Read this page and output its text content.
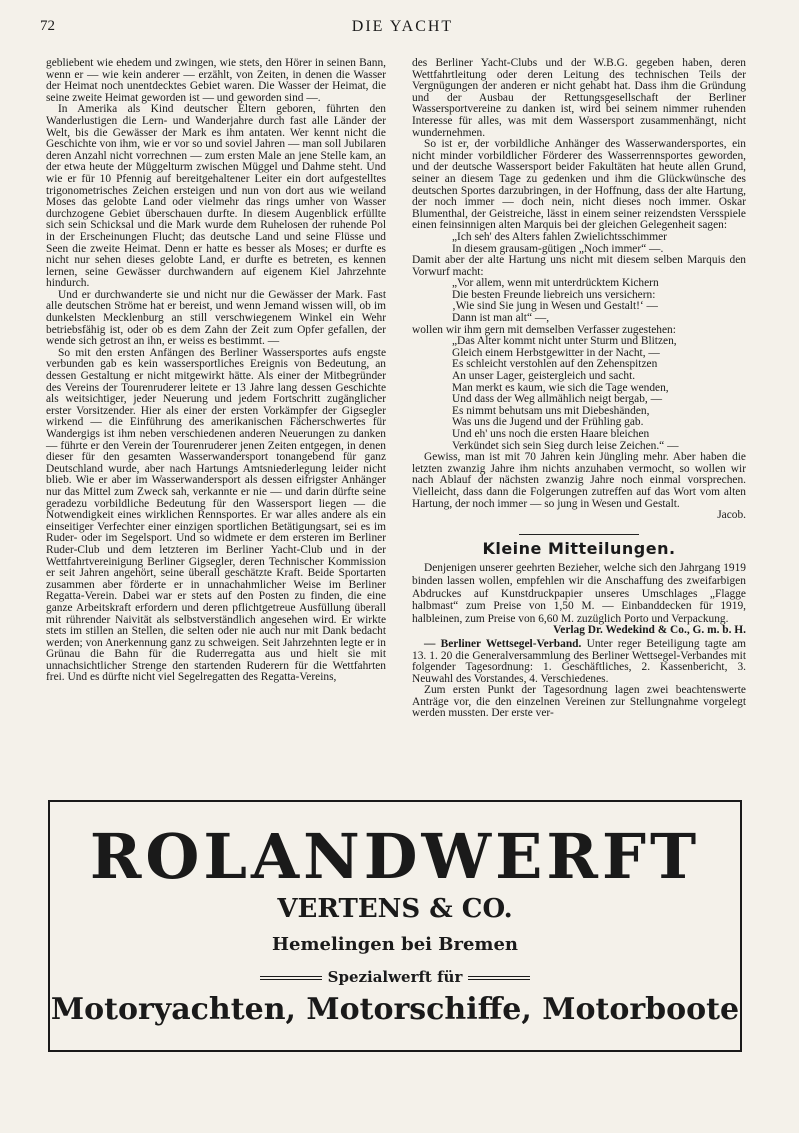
72	DIE YACHT

gebliebent wie ehedem und zwingen, wie stets, den Hörer in seinen Bann, wenn er — wie kein anderer — erzählt, von Zeiten, in denen die Wasser der Heimat noch unentdecktes Gebiet waren. Die Wasser der Heimat, die seine zweite Heimat geworden ist — und geworden sind —.

In Amerika als Kind deutscher Eltern geboren, führten den Wanderlustigen die Lern- und Wanderjahre durch fast alle Länder der Welt, bis die Gewässer der Mark es ihm antaten. Wer kennt nicht die Geschichte von ihm, wie er vor so und soviel Jahren — man soll Jubilaren deren Anzahl nicht vorrechnen — zum ersten Male an jene Stelle kam, an der etwa heute der Müggelturm zwischen Müggel und Dahme steht. Und wie er für 10 Pfennig auf bereitgehaltener Leiter ein dort aufgestelltes trigonometrisches Zeichen ersteigen und nun von dort aus wie weiland Moses das gelobte Land oder vielmehr das rings umher von Wasser durchzogene Gebiet überschauen durfte. In diesem Augenblick erfüllte sich sein Schicksal und die Mark wurde dem Ruhelosen der ruhende Pol in der Erscheinungen Flucht; das deutsche Land und seine Flüsse und Seen die zweite Heimat. Denn er hatte es besser als Moses; er durfte es nicht nur sehen dieses gelobte Land, er durfte es betreten, es kennen lernen, seine Gewässer durchwandern auf eigenem Kiel Jahrzehnte hindurch.

Und er durchwanderte sie und nicht nur die Gewässer der Mark. Fast alle deutschen Ströme hat er bereist, und wenn Jemand wissen will, ob im dunkelsten Mecklenburg an still verschwiegenem Winkel ein Wehr betriebsfähig ist, oder ob es dem Zahn der Zeit zum Opfer gefallen, der wende sich getrost an ihn, er weiss es bestimmt. —

So mit den ersten Anfängen des Berliner Wassersportes aufs engste verbunden gab es kein wassersportliches Ereignis von Bedeutung, an dessen Gestaltung er nicht mitgewirkt hätte. Als einer der Mitbegründer des Vereins der Tourenruderer leitete er 13 Jahre lang dessen Geschichte als weitsichtiger, jeder Neuerung und jedem Fortschritt zugänglicher erster Vorsitzender. Hier als einer der ersten Vorkämpfer der Gigsegler wirkend — die Einführung des amerikanischen Fächerschwertes für Wandergigs ist ihm neben verschiedenen anderen Neuerungen zu danken — führte er den Verein der Tourenruderer jenen Zeiten entgegen, in denen dieser für den gesamten Wasserwandersport tonangebend für ganz Deutschland wurde, aber nach Hartungs Amtsniederlegung leider nicht blieb. Wie er aber im Wasserwandersport als dessen eifrigster Anhänger nur das Mittel zum Zweck sah, verkannte er nie — und darin dürfte seine geradezu vorbildliche Bedeutung für den Wassersport liegen — die Notwendigkeit eines wirklichen Rennsportes. Er war alles andere als ein einseitiger Verfechter einer einzigen sportlichen Betätigungsart, sei es im Ruder- oder im Segelsport. Und so widmete er dem ersteren im Berliner Ruder-Club und dem letzteren im Berliner Yacht-Club und in der Wettfahrtvereinigung Berliner Gigsegler, deren Technischer Kommission er seit Jahren angehört, seine überall geschätzte Kraft. Beide Sportarten zusammen aber förderte er in unnachahmlicher Weise im Berliner Regatta-Verein. Dabei war er stets auf den Posten zu finden, die eine ganze Arbeitskraft erfordern und deren pflichtgetreue Ausfüllung überall mit rührender Naivität als selbstverständlich angesehen wird. Er wirkte stets im stillen an Stellen, die selten oder nie auch nur mit Dank bedacht werden; von Anerkennung ganz zu schweigen. Seit Jahrzehnten legte er in Grünau die Bahn für die Ruderregatta aus und hielt sie mit unnachsichtlicher Strenge den startenden Ruderern für die Wettfahrten frei. Und es dürfte nicht viel Segelregatten des Regatta-Vereins,

des Berliner Yacht-Clubs und der W.B.G. gegeben haben, deren Wettfahrtleitung oder deren Leitung des technischen Teils der Vergnügungen der anderen er nicht gehabt hat. Dass ihm die Gründung und der Ausbau der Rettungsgesellschaft der Berliner Wassersportvereine zu danken ist, wird bei seinem nimmer ruhenden Interesse für alles, was mit dem Wassersport zusammenhängt, nicht wundernehmen.

So ist er, der vorbildliche Anhänger des Wasserwandersportes, ein nicht minder vorbildlicher Förderer des Wasserrennsportes geworden, und der deutsche Wassersport beider Fakultäten hat heute allen Grund, seiner an diesem Tage zu gedenken und ihm die Glückwünsche des deutschen Sportes darzubringen, in der Hoffnung, dass der alte Hartung, der noch immer — doch nein, nicht dieses noch immer. Oskar Blumenthal, der Geistreiche, lässt in einem seiner reizendsten Versspiele einen feinsinnigen alten Marquis bei der gleichen Gelegenheit sagen:

„Ich seh' des Alters fahlen Zwielichtsschimmer
In diesem grausam-gütigen „Noch immer“ —.

Damit aber der alte Hartung uns nicht mit diesem selben Marquis den Vorwurf macht:

„Vor allem, wenn mit unterdrücktem Kichern
Die besten Freunde liebreich uns versichern:
‚Wie sind Sie jung in Wesen und Gestalt!‘ —
Dann ist man alt“ —,

wollen wir ihm gern mit demselben Verfasser zugestehen:

„Das Alter kommt nicht unter Sturm und Blitzen,
Gleich einem Herbstgewitter in der Nacht, —
Es schleicht verstohlen auf den Zehenspitzen
An unser Lager, geistergleich und sacht.
Man merkt es kaum, wie sich die Tage wenden,
Und dass der Weg allmählich neigt bergab, —
Es nimmt behutsam uns mit Diebeshänden,
Was uns die Jugend und der Frühling gab.
Und eh' uns noch die ersten Haare bleichen
Verkündet sich sein Sieg durch leise Zeichen.“ —

Gewiss, man ist mit 70 Jahren kein Jüngling mehr. Aber haben die letzten zwanzig Jahre ihm nichts anzuhaben vermocht, so wollen wir nach Ablauf der nächsten zwanzig Jahre noch einmal vorsprechen. Vielleicht, dass dann die Folgerungen zutreffen auf das Wort vom alten Hartung, der noch immer — so jung in Wesen und Gestalt.

Jacob.
Kleine Mitteilungen.

Denjenigen unserer geehrten Bezieher, welche sich den Jahrgang 1919 binden lassen wollen, empfehlen wir die Anschaffung des zweifarbigen Abdruckes auf Kunstdruckpapier unseres Umschlages „Flagge halbmast“ zum Preise von 1,50 M. — Einbanddecken für 1919, halbleinen, zum Preise von 6,60 M. zuzüglich Porto und Verpackung.

Verlag Dr. Wedekind & Co., G. m. b. H.

— Berliner Wettsegel-Verband. Unter reger Beteiligung tagte am 13. 1. 20 die Generalversammlung des Berliner Wettsegel-Verbandes mit folgender Tagesordnung: 1. Geschäftliches, 2. Kassenbericht, 3. Neuwahl des Vorstandes, 4. Verschiedenes.

Zum ersten Punkt der Tagesordnung lagen zwei beachtenswerte Anträge vor, die den einzelnen Vereinen zur Stellungnahme vorgelegt werden mussten. Der erste ver-

ROLANDWERFT
VERTENS & CO.
Hemelingen bei Bremen
Spezialwerft für
Motoryachten, Motorschiffe, Motorboote
